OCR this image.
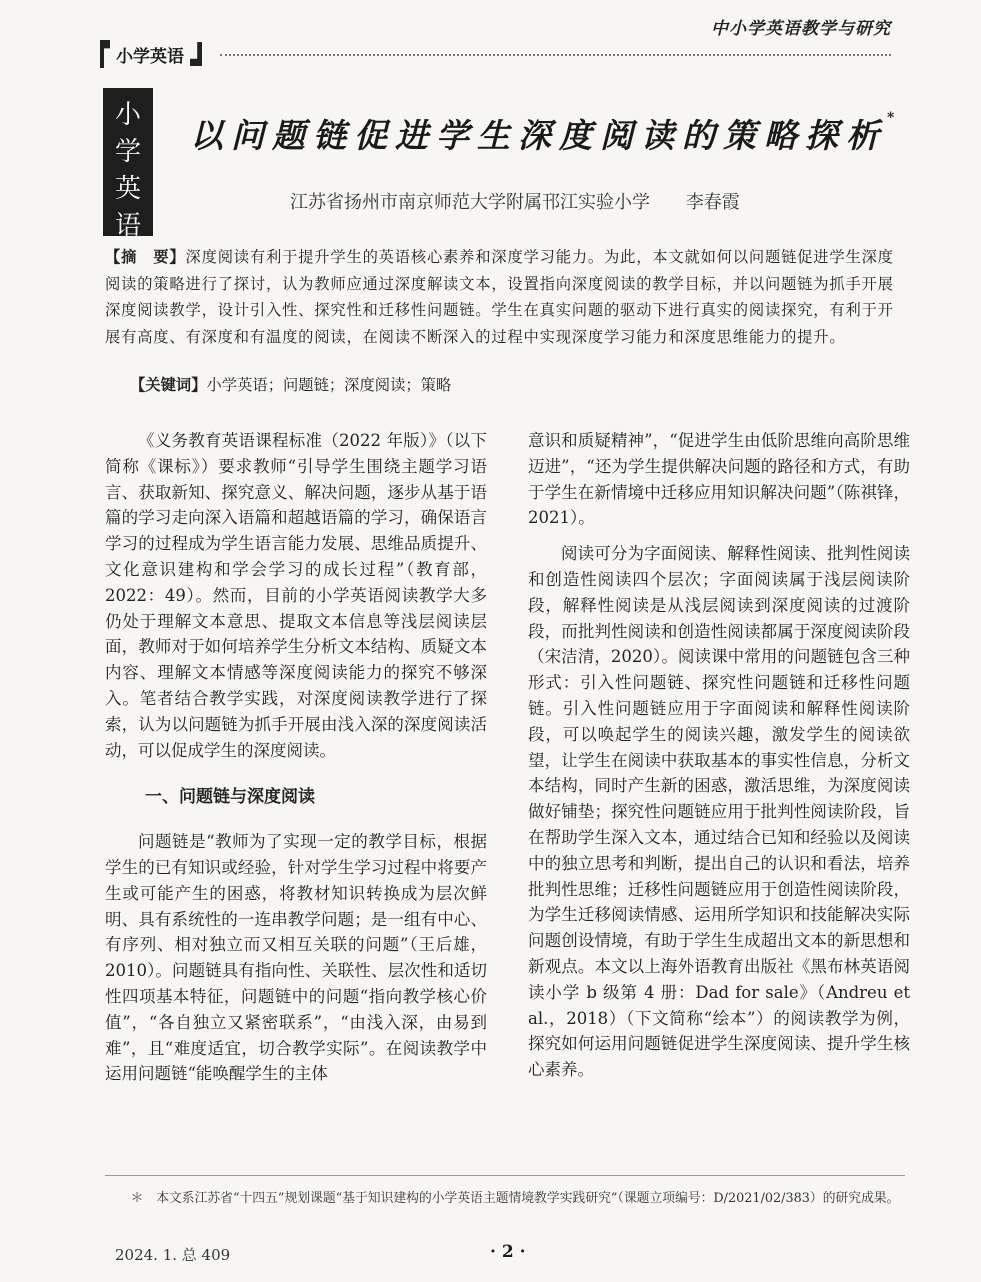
中小学英语教学与研究
小学英语
小
学
英
语
以问题链促进学生深度阅读的策略探析*
江苏省扬州市南京师范大学附属邗江实验小学 李春霞
【摘　要】深度阅读有利于提升学生的英语核心素养和深度学习能力。为此，本文就如何以问题链促进学生深度阅读的策略进行了探讨，认为教师应通过深度解读文本，设置指向深度阅读的教学目标，并以问题链为抓手开展深度阅读教学，设计引入性、探究性和迁移性问题链。学生在真实问题的驱动下进行真实的阅读探究，有利于开展有高度、有深度和有温度的阅读，在阅读不断深入的过程中实现深度学习能力和深度思维能力的提升。
【关键词】小学英语；问题链；深度阅读；策略

《义务教育英语课程标准（2022 年版）》（以下简称《课标》）要求教师“引导学生围绕主题学习语言、获取新知、探究意义、解决问题，逐步从基于语篇的学习走向深入语篇和超越语篇的学习，确保语言学习的过程成为学生语言能力发展、思维品质提升、文化意识建构和学会学习的成长过程”（教育部，2022：49）。然而，目前的小学英语阅读教学大多仍处于理解文本意思、提取文本信息等浅层阅读层面，教师对于如何培养学生分析文本结构、质疑文本内容、理解文本情感等深度阅读能力的探究不够深入。笔者结合教学实践，对深度阅读教学进行了探索，认为以问题链为抓手开展由浅入深的深度阅读活动，可以促成学生的深度阅读。

一、问题链与深度阅读

问题链是“教师为了实现一定的教学目标，根据学生的已有知识或经验，针对学生学习过程中将要产生或可能产生的困惑，将教材知识转换成为层次鲜明、具有系统性的一连串教学问题；是一组有中心、有序列、相对独立而又相互关联的问题”（王后雄，2010）。问题链具有指向性、关联性、层次性和适切性四项基本特征，问题链中的问题“指向教学核心价值”，“各自独立又紧密联系”，“由浅入深，由易到难”，且“难度适宜，切合教学实际”。在阅读教学中运用问题链“能唤醒学生的主体

意识和质疑精神”，“促进学生由低阶思维向高阶思维迈进”，“还为学生提供解决问题的路径和方式，有助于学生在新情境中迁移应用知识解决问题”（陈祺锋，2021）。

阅读可分为字面阅读、解释性阅读、批判性阅读和创造性阅读四个层次；字面阅读属于浅层阅读阶段，解释性阅读是从浅层阅读到深度阅读的过渡阶段，而批判性阅读和创造性阅读都属于深度阅读阶段（宋洁清，2020）。阅读课中常用的问题链包含三种形式：引入性问题链、探究性问题链和迁移性问题链。引入性问题链应用于字面阅读和解释性阅读阶段，可以唤起学生的阅读兴趣，激发学生的阅读欲望，让学生在阅读中获取基本的事实性信息，分析文本结构，同时产生新的困惑，激活思维，为深度阅读做好铺垫；探究性问题链应用于批判性阅读阶段，旨在帮助学生深入文本，通过结合已知和经验以及阅读中的独立思考和判断，提出自己的认识和看法，培养批判性思维；迁移性问题链应用于创造性阅读阶段，为学生迁移阅读情感、运用所学知识和技能解决实际问题创设情境，有助于学生生成超出文本的新思想和新观点。本文以上海外语教育出版社《黑布林英语阅读小学 b 级第 4 册：Dad for sale》（Andreu et al.，2018）（下文简称“绘本”）的阅读教学为例，探究如何运用问题链促进学生深度阅读、提升学生核心素养。

＊　本文系江苏省“十四五”规划课题“基于知识建构的小学英语主题情境教学实践研究”（课题立项编号：D/2021/02/383）的研究成果。
2024. 1. 总 409	· 2 ·
